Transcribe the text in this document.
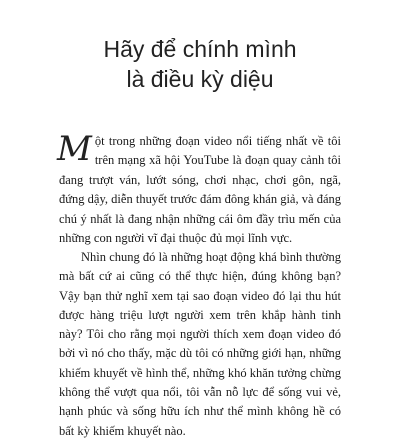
Hãy để chính mình
là điều kỳ diệu

Một trong những đoạn video nổi tiếng nhất về tôi trên mạng xã hội YouTube là đoạn quay cảnh tôi đang trượt ván, lướt sóng, chơi nhạc, chơi gôn, ngã, đứng dậy, diễn thuyết trước đám đông khán giả, và đáng chú ý nhất là đang nhận những cái ôm đầy trìu mến của những con người vĩ đại thuộc đủ mọi lĩnh vực.

Nhìn chung đó là những hoạt động khá bình thường mà bất cứ ai cũng có thể thực hiện, đúng không bạn? Vậy bạn thử nghĩ xem tại sao đoạn video đó lại thu hút được hàng triệu lượt người xem trên khắp hành tinh này? Tôi cho rằng mọi người thích xem đoạn video đó bởi vì nó cho thấy, mặc dù tôi có những giới hạn, những khiếm khuyết về hình thể, những khó khăn tưởng chừng không thể vượt qua nổi, tôi vẫn nỗ lực để sống vui vẻ, hạnh phúc và sống hữu ích như thể mình không hề có bất kỳ khiếm khuyết nào.
